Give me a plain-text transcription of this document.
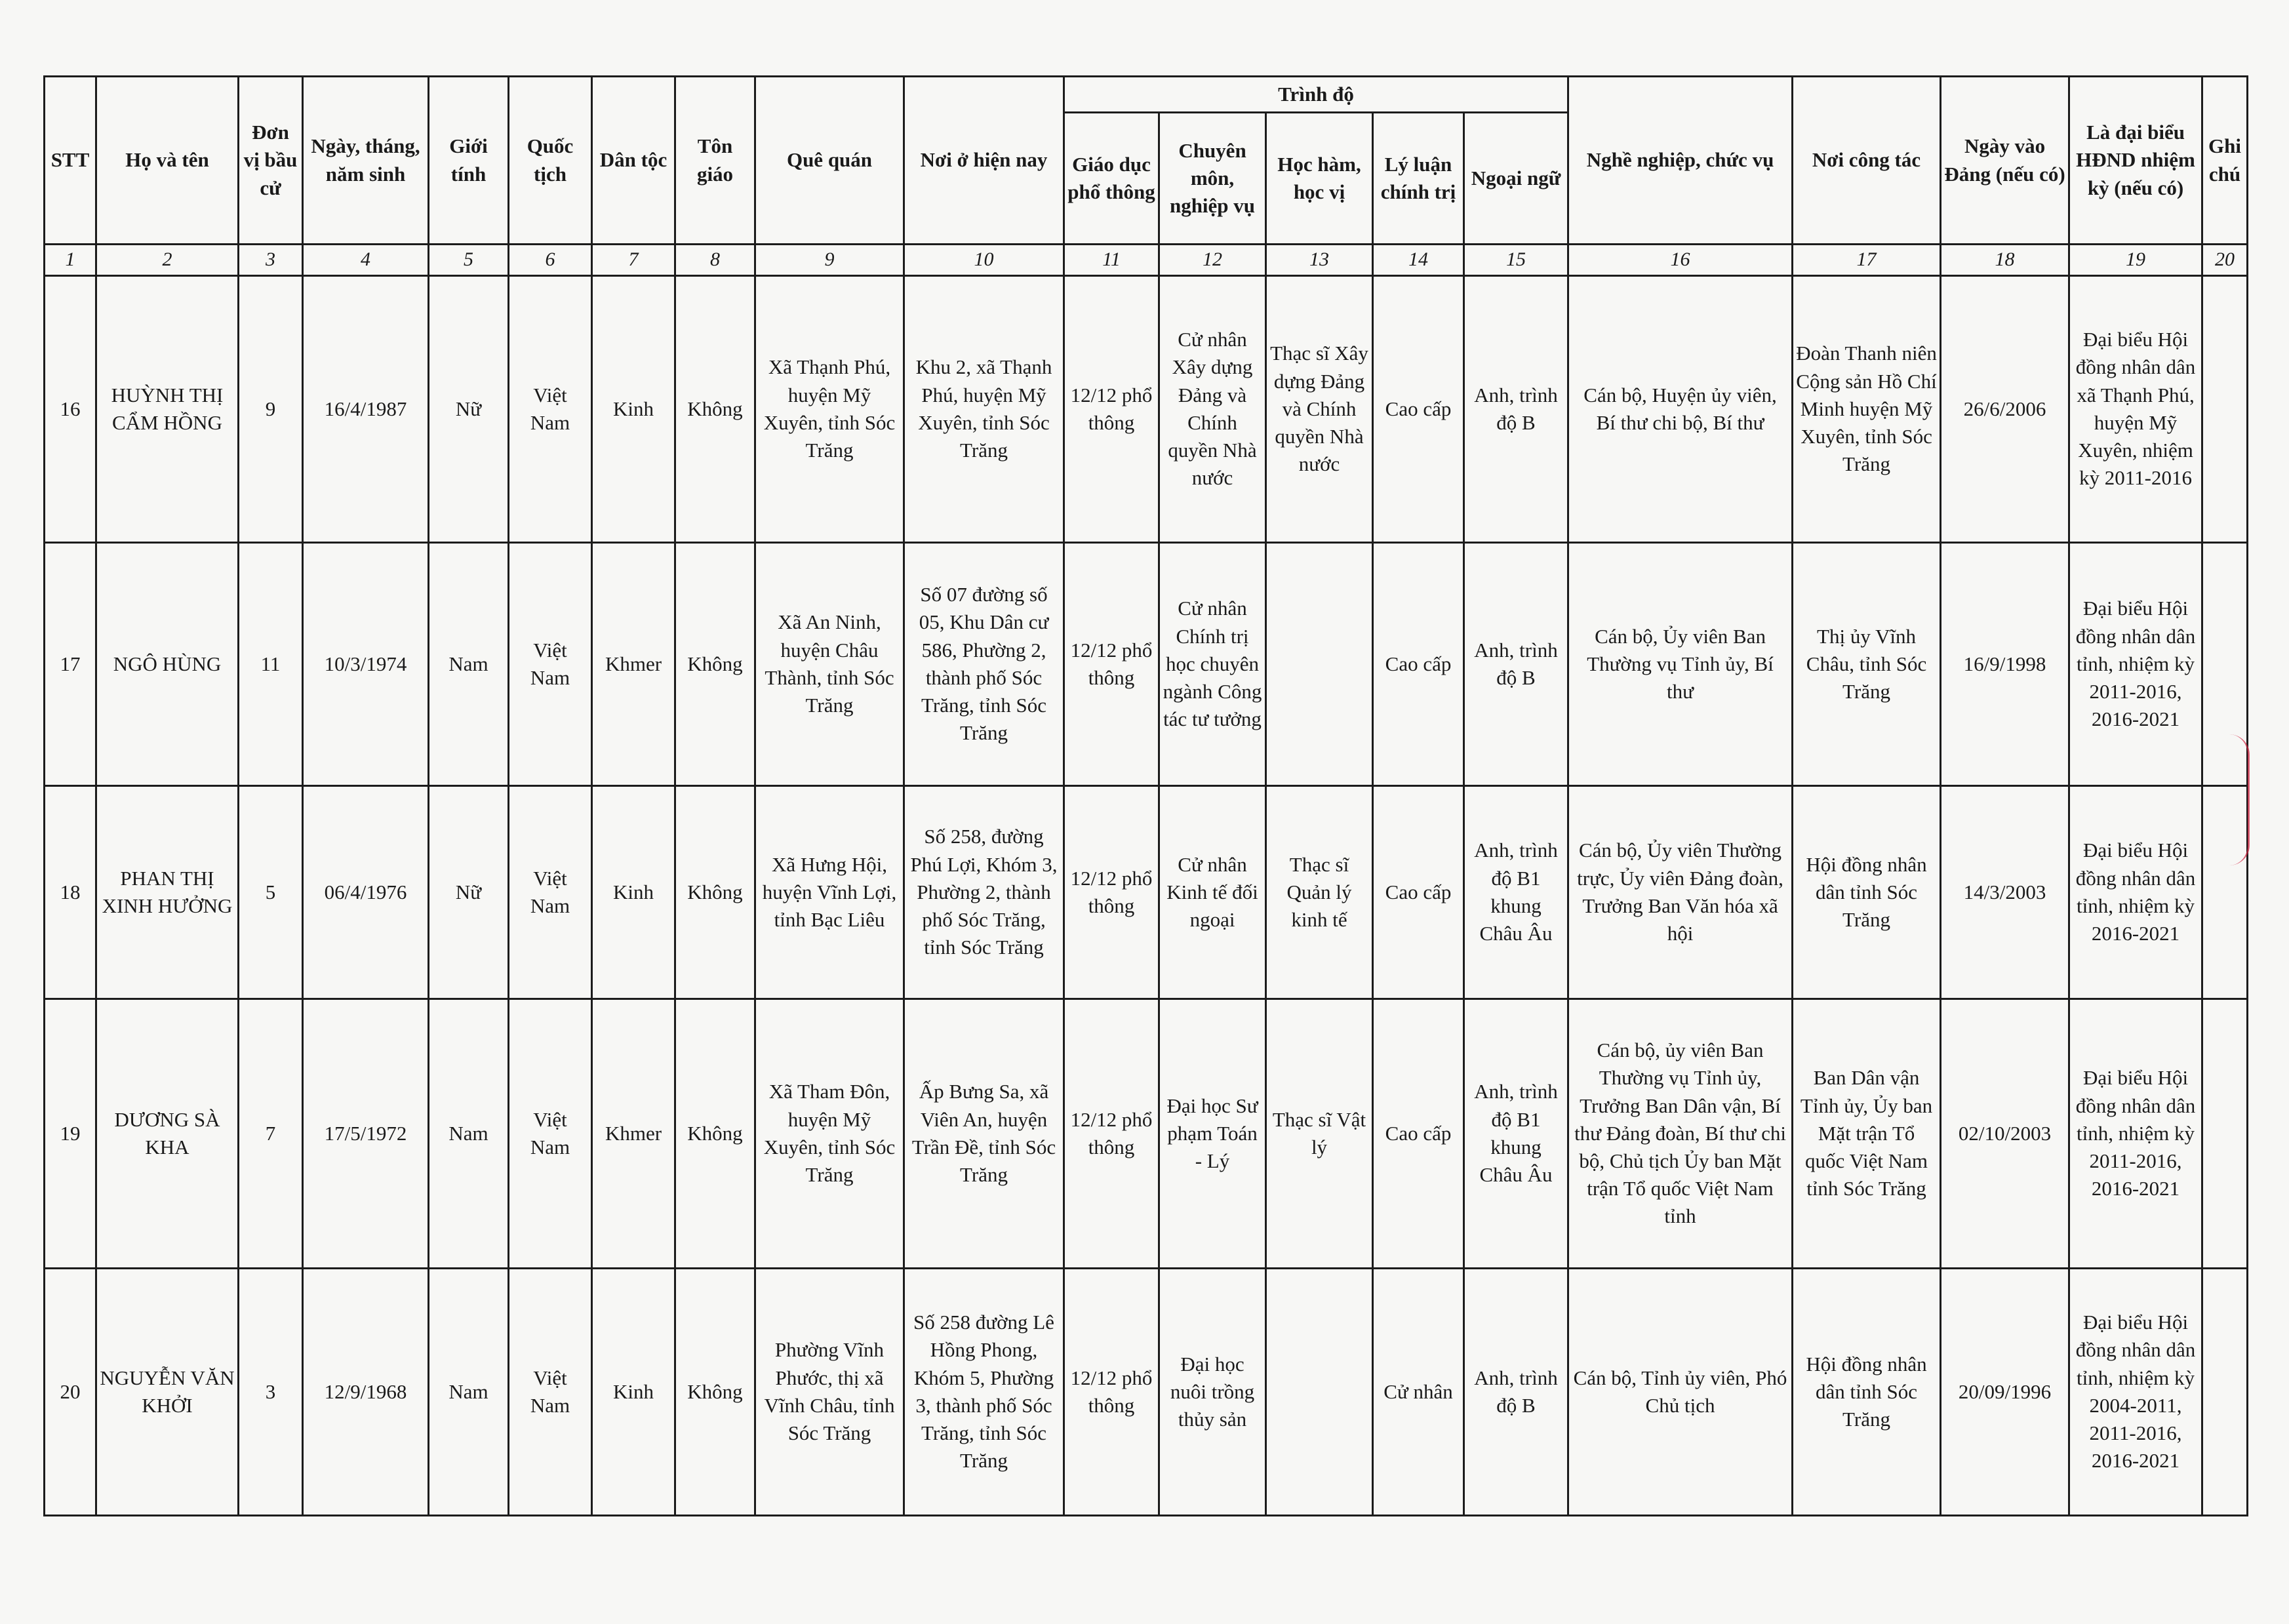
STT	Họ và tên	Đơn vị bầu cử	Ngày, tháng, năm sinh	Giới tính	Quốc tịch	Dân tộc	Tôn giáo	Quê quán	Nơi ở hiện nay	Trình độ					Nghề nghiệp, chức vụ	Nơi công tác	Ngày vào Đảng (nếu có)	Là đại biểu HĐND nhiệm kỳ (nếu có)	Ghi chú
										Giáo dục phổ thông	Chuyên môn, nghiệp vụ	Học hàm, học vị	Lý luận chính trị	Ngoại ngữ					
1	2	3	4	5	6	7	8	9	10	11	12	13	14	15	16	17	18	19	20
16	HUỲNH THỊ CẨM HỒNG	9	16/4/1987	Nữ	Việt Nam	Kinh	Không	Xã Thạnh Phú, huyện Mỹ Xuyên, tỉnh Sóc Trăng	Khu 2, xã Thạnh Phú, huyện Mỹ Xuyên, tỉnh Sóc Trăng	12/12 phổ thông	Cử nhân Xây dựng Đảng và Chính quyền Nhà nước	Thạc sĩ Xây dựng Đảng và Chính quyền Nhà nước	Cao cấp	Anh, trình độ B	Cán bộ, Huyện ủy viên, Bí thư chi bộ, Bí thư	Đoàn Thanh niên Cộng sản Hồ Chí Minh huyện Mỹ Xuyên, tỉnh Sóc Trăng	26/6/2006	Đại biểu Hội đồng nhân dân xã Thạnh Phú, huyện Mỹ Xuyên, nhiệm kỳ 2011-2016	
17	NGÔ HÙNG	11	10/3/1974	Nam	Việt Nam	Khmer	Không	Xã An Ninh, huyện Châu Thành, tỉnh Sóc Trăng	Số 07 đường số 05, Khu Dân cư 586, Phường 2, thành phố Sóc Trăng, tỉnh Sóc Trăng	12/12 phổ thông	Cử nhân Chính trị học chuyên ngành Công tác tư tưởng		Cao cấp	Anh, trình độ B	Cán bộ, Ủy viên Ban Thường vụ Tỉnh ủy, Bí thư	Thị ủy Vĩnh Châu, tỉnh Sóc Trăng	16/9/1998	Đại biểu Hội đồng nhân dân tỉnh, nhiệm kỳ 2011-2016, 2016-2021	
18	PHAN THỊ XINH HƯỞNG	5	06/4/1976	Nữ	Việt Nam	Kinh	Không	Xã Hưng Hội, huyện Vĩnh Lợi, tỉnh Bạc Liêu	Số 258, đường Phú Lợi, Khóm 3, Phường 2, thành phố Sóc Trăng, tỉnh Sóc Trăng	12/12 phổ thông	Cử nhân Kinh tế đối ngoại	Thạc sĩ Quản lý kinh tế	Cao cấp	Anh, trình độ B1 khung Châu Âu	Cán bộ, Ủy viên Thường trực, Ủy viên Đảng đoàn, Trưởng Ban Văn hóa xã hội	Hội đồng nhân dân tỉnh Sóc Trăng	14/3/2003	Đại biểu Hội đồng nhân dân tỉnh, nhiệm kỳ 2016-2021	
19	DƯƠNG SÀ KHA	7	17/5/1972	Nam	Việt Nam	Khmer	Không	Xã Tham Đôn, huyện Mỹ Xuyên, tỉnh Sóc Trăng	Ấp Bưng Sa, xã Viên An, huyện Trần Đề, tỉnh Sóc Trăng	12/12 phổ thông	Đại học Sư phạm Toán - Lý	Thạc sĩ Vật lý	Cao cấp	Anh, trình độ B1 khung Châu Âu	Cán bộ, ủy viên Ban Thường vụ Tỉnh ủy, Trưởng Ban Dân vận, Bí thư Đảng đoàn, Bí thư chi bộ, Chủ tịch Ủy ban Mặt trận Tổ quốc Việt Nam tỉnh	Ban Dân vận Tỉnh ủy, Ủy ban Mặt trận Tổ quốc Việt Nam tỉnh Sóc Trăng	02/10/2003	Đại biểu Hội đồng nhân dân tỉnh, nhiệm kỳ 2011-2016, 2016-2021	
20	NGUYỄN VĂN KHỞI	3	12/9/1968	Nam	Việt Nam	Kinh	Không	Phường Vĩnh Phước, thị xã Vĩnh Châu, tỉnh Sóc Trăng	Số 258 đường Lê Hồng Phong, Khóm 5, Phường 3, thành phố Sóc Trăng, tỉnh Sóc Trăng	12/12 phổ thông	Đại học nuôi trồng thủy sản		Cử nhân	Anh, trình độ B	Cán bộ, Tỉnh ủy viên, Phó Chủ tịch	Hội đồng nhân dân tỉnh Sóc Trăng	20/09/1996	Đại biểu Hội đồng nhân dân tỉnh, nhiệm kỳ 2004-2011, 2011-2016, 2016-2021	
